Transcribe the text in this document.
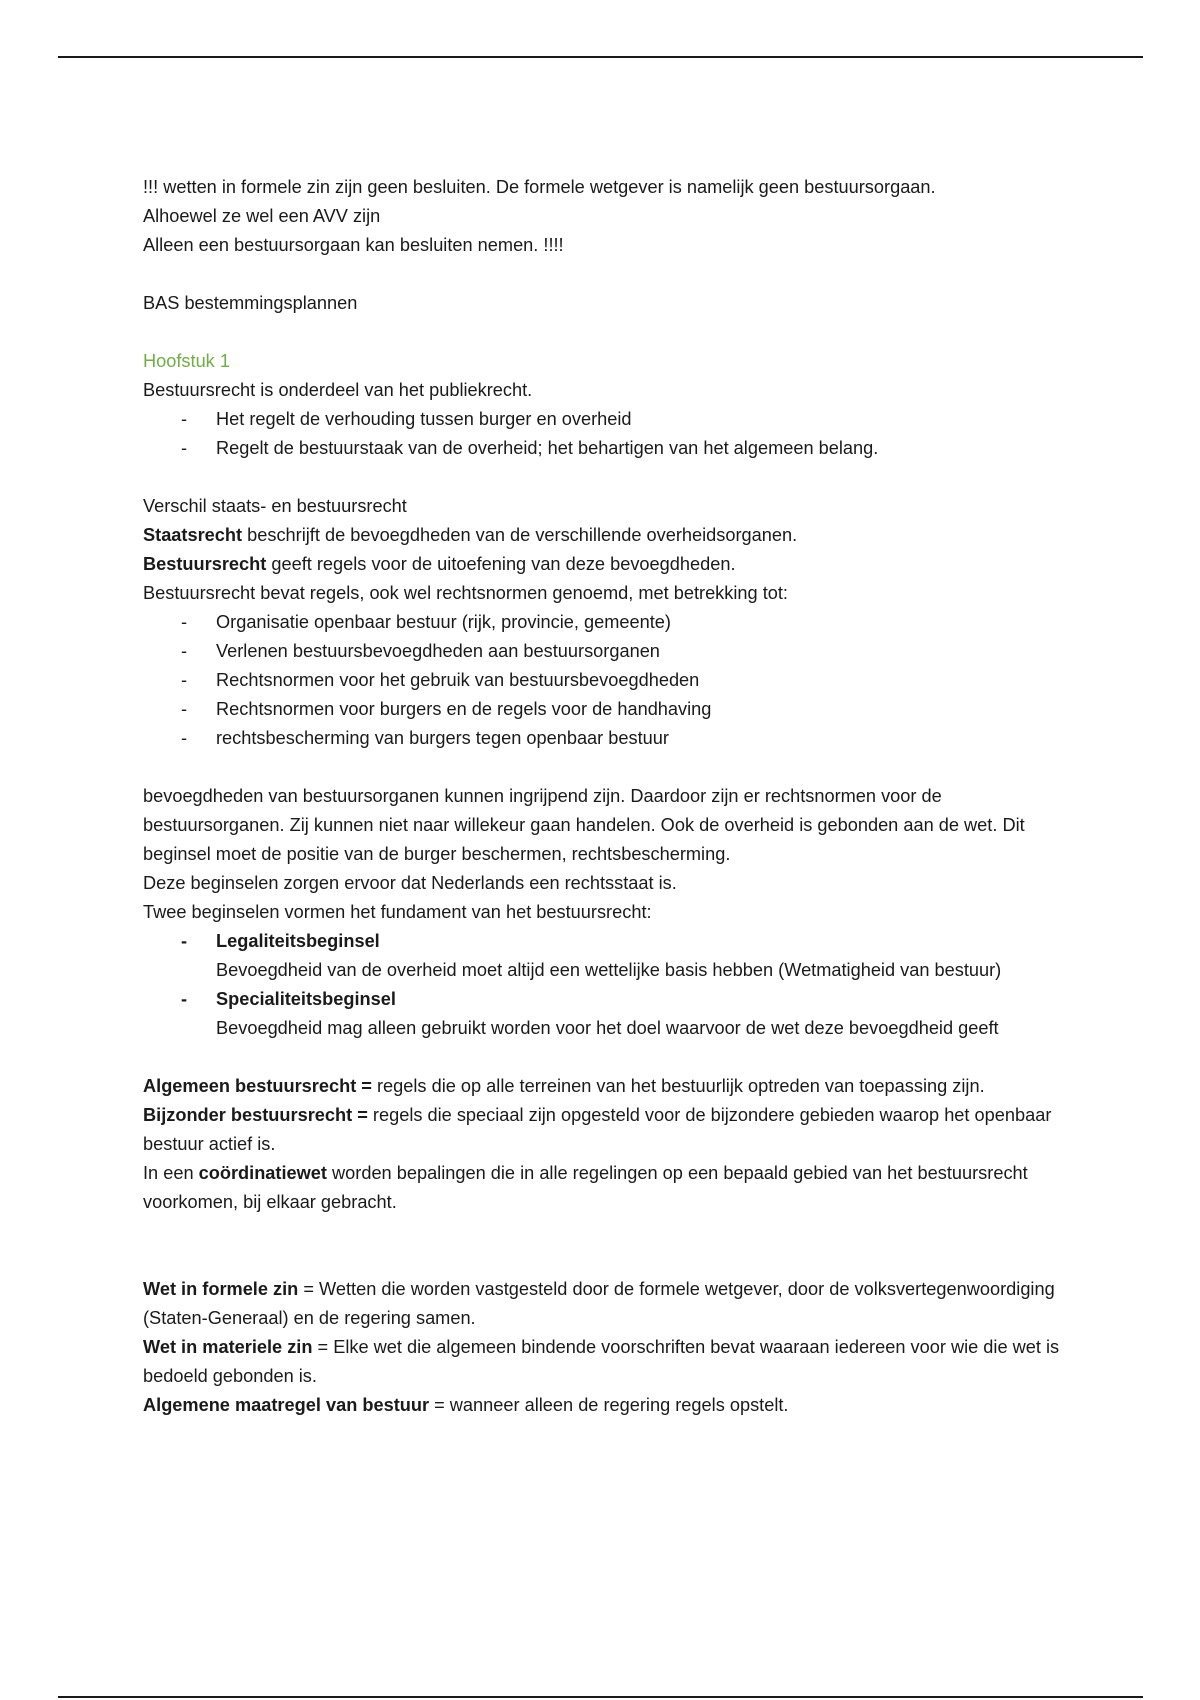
!!! wetten in formele zin zijn geen besluiten. De formele wetgever is namelijk geen bestuursorgaan.
Alhoewel ze wel een AVV zijn
Alleen een bestuursorgaan kan besluiten nemen. !!!!
BAS bestemmingsplannen
Hoofstuk 1
Bestuursrecht is onderdeel van het publiekrecht.
- Het regelt de verhouding tussen burger en overheid
- Regelt de bestuurstaak van de overheid; het behartigen van het algemeen belang.
Verschil staats- en bestuursrecht
Staatsrecht beschrijft de bevoegdheden van de verschillende overheidsorganen.
Bestuursrecht geeft regels voor de uitoefening van deze bevoegdheden.
Bestuursrecht bevat regels, ook wel rechtsnormen genoemd, met betrekking tot:
- Organisatie openbaar bestuur (rijk, provincie, gemeente)
- Verlenen bestuursbevoegdheden aan bestuursorganen
- Rechtsnormen voor het gebruik van bestuursbevoegdheden
- Rechtsnormen voor burgers en de regels voor de handhaving
- rechtsbescherming van burgers tegen openbaar bestuur
bevoegdheden van bestuursorganen kunnen ingrijpend zijn. Daardoor zijn er rechtsnormen voor de bestuursorganen. Zij kunnen niet naar willekeur gaan handelen. Ook de overheid is gebonden aan de wet. Dit beginsel moet de positie van de burger beschermen, rechtsbescherming.
Deze beginselen zorgen ervoor dat Nederlands een rechtsstaat is.
Twee beginselen vormen het fundament van het bestuursrecht:
- Legaliteitsbeginsel
Bevoegdheid van de overheid moet altijd een wettelijke basis hebben (Wetmatigheid van bestuur)
- Specialiteitsbeginsel
Bevoegdheid mag alleen gebruikt worden voor het doel waarvoor de wet deze bevoegdheid geeft
Algemeen bestuursrecht = regels die op alle terreinen van het bestuurlijk optreden van toepassing zijn.
Bijzonder bestuursrecht = regels die speciaal zijn opgesteld voor de bijzondere gebieden waarop het openbaar bestuur actief is.
In een coördinatiewet worden bepalingen die in alle regelingen op een bepaald gebied van het bestuursrecht voorkomen, bij elkaar gebracht.
Wet in formele zin = Wetten die worden vastgesteld door de formele wetgever, door de volksvertegenwoordiging (Staten-Generaal) en de regering samen.
Wet in materiele zin = Elke wet die algemeen bindende voorschriften bevat waaraan iedereen voor wie die wet is bedoeld gebonden is.
Algemene maatregel van bestuur = wanneer alleen de regering regels opstelt.
